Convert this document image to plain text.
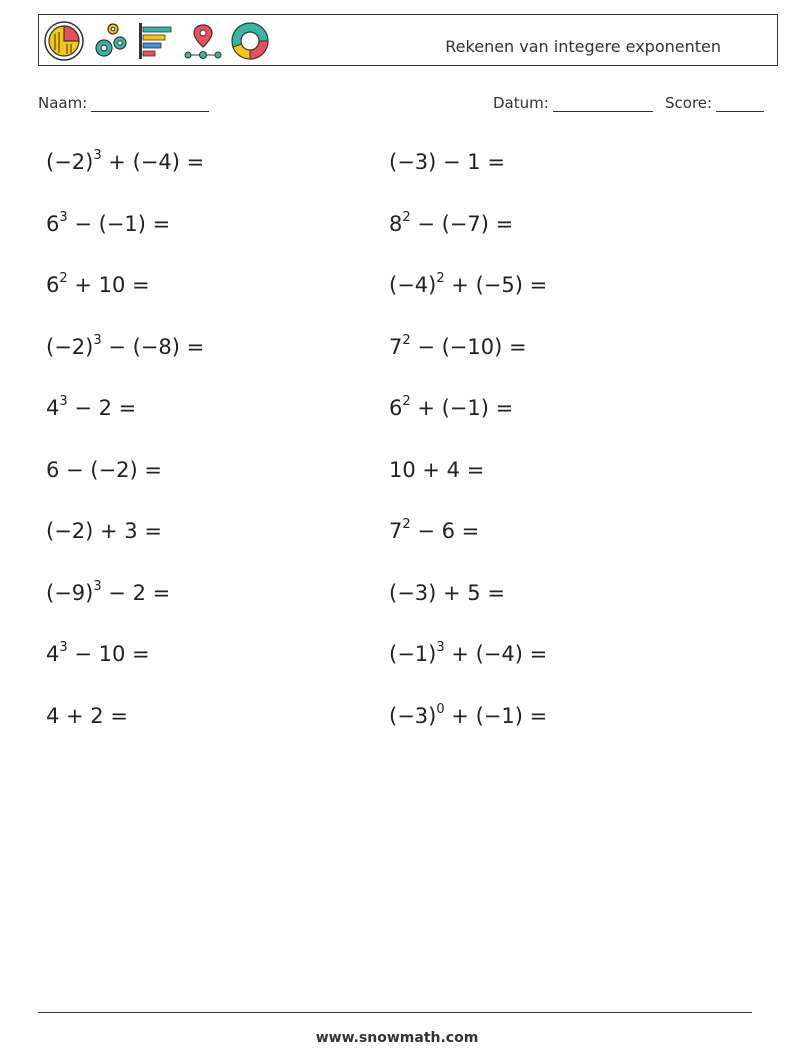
Rekenen van integere exponenten
Naam:	Datum:	Score:
$(-2)^3 + (-4)$ =	(−3) − 1 =
$6^3 - (-1)$ =	$8^2 - (-7)$ =
$6^2 + 10$ =	$(-4)^2 + (-5)$ =
$(-2)^3 - (-8)$ =	$7^2 - (-10)$ =
$4^3 - 2$ =	$6^2 + (-1)$ =
6 − (−2) =	10 + 4 =
(−2) + 3 =	$7^2 - 6$ =
$(-9)^3 - 2$ =	(−3) + 5 =
$4^3 - 10$ =	$(-1)^3 + (-4)$ =
4 + 2 =	$(-3)^0 + (-1)$ =
www.snowmath.com
